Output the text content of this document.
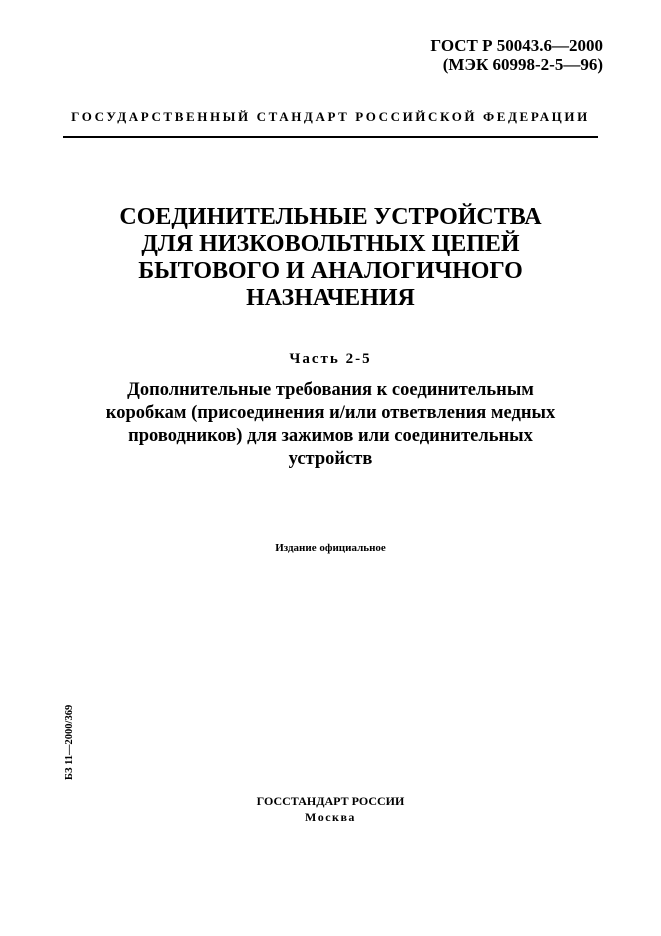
ГОСТ Р 50043.6—2000
(МЭК 60998-2-5—96)
ГОСУДАРСТВЕННЫЙ СТАНДАРТ РОССИЙСКОЙ ФЕДЕРАЦИИ
СОЕДИНИТЕЛЬНЫЕ УСТРОЙСТВА
ДЛЯ НИЗКОВОЛЬТНЫХ ЦЕПЕЙ
БЫТОВОГО И АНАЛОГИЧНОГО
НАЗНАЧЕНИЯ
Часть 2-5
Дополнительные требования к соединительным
коробкам (присоединения и/или ответвления медных
проводников) для зажимов или соединительных
устройств
Издание официальное
БЗ 11—2000/369
ГОССТАНДАРТ РОССИИ
Москва
